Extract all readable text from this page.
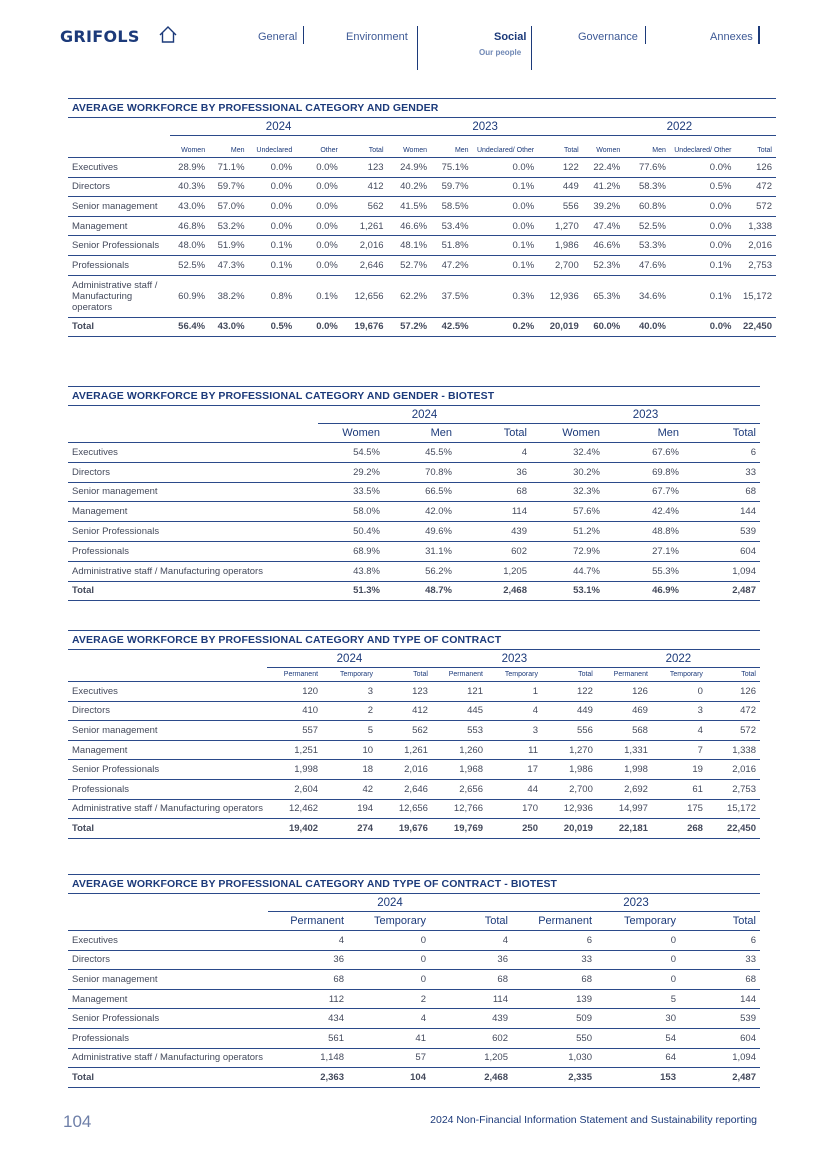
GRIFOLS	General	Environment	Social
Our people
Governance	Annexes
AVERAGE WORKFORCE BY PROFESSIONAL CATEGORY AND GENDER
	2024					2023				2022			
	Women	Men	Undeclared	Other	Total	Women	Men	Undeclared/ Other	Total	Women	Men	Undeclared/ Other	Total
Executives	28.9%	71.1%	0.0%	0.0%	123	24.9%	75.1%	0.0%	122	22.4%	77.6%	0.0%	126
Directors	40.3%	59.7%	0.0%	0.0%	412	40.2%	59.7%	0.1%	449	41.2%	58.3%	0.5%	472
Senior management	43.0%	57.0%	0.0%	0.0%	562	41.5%	58.5%	0.0%	556	39.2%	60.8%	0.0%	572
Management	46.8%	53.2%	0.0%	0.0%	1,261	46.6%	53.4%	0.0%	1,270	47.4%	52.5%	0.0%	1,338
Senior Professionals	48.0%	51.9%	0.1%	0.0%	2,016	48.1%	51.8%	0.1%	1,986	46.6%	53.3%	0.0%	2,016
Professionals	52.5%	47.3%	0.1%	0.0%	2,646	52.7%	47.2%	0.1%	2,700	52.3%	47.6%	0.1%	2,753
Administrative staff / Manufacturing operators	60.9%	38.2%	0.8%	0.1%	12,656	62.2%	37.5%	0.3%	12,936	65.3%	34.6%	0.1%	15,172
Total	56.4%	43.0%	0.5%	0.0%	19,676	57.2%	42.5%	0.2%	20,019	60.0%	40.0%	0.0%	22,450
AVERAGE WORKFORCE BY PROFESSIONAL CATEGORY AND GENDER - BIOTEST
	2024			2023		
	Women	Men	Total	Women	Men	Total
Executives	54.5%	45.5%	4	32.4%	67.6%	6
Directors	29.2%	70.8%	36	30.2%	69.8%	33
Senior management	33.5%	66.5%	68	32.3%	67.7%	68
Management	58.0%	42.0%	114	57.6%	42.4%	144
Senior Professionals	50.4%	49.6%	439	51.2%	48.8%	539
Professionals	68.9%	31.1%	602	72.9%	27.1%	604
Administrative staff / Manufacturing operators	43.8%	56.2%	1,205	44.7%	55.3%	1,094
Total	51.3%	48.7%	2,468	53.1%	46.9%	2,487
AVERAGE WORKFORCE BY PROFESSIONAL CATEGORY AND TYPE OF CONTRACT
	2024			2023			2022		
	Permanent	Temporary	Total	Permanent	Temporary	Total	Permanent	Temporary	Total
Executives	120	3	123	121	1	122	126	0	126
Directors	410	2	412	445	4	449	469	3	472
Senior management	557	5	562	553	3	556	568	4	572
Management	1,251	10	1,261	1,260	11	1,270	1,331	7	1,338
Senior Professionals	1,998	18	2,016	1,968	17	1,986	1,998	19	2,016
Professionals	2,604	42	2,646	2,656	44	2,700	2,692	61	2,753
Administrative staff / Manufacturing operators	12,462	194	12,656	12,766	170	12,936	14,997	175	15,172
Total	19,402	274	19,676	19,769	250	20,019	22,181	268	22,450
AVERAGE WORKFORCE BY PROFESSIONAL CATEGORY AND TYPE OF CONTRACT - BIOTEST
	2024			2023		
	Permanent	Temporary	Total	Permanent	Temporary	Total
Executives	4	0	4	6	0	6
Directors	36	0	36	33	0	33
Senior management	68	0	68	68	0	68
Management	112	2	114	139	5	144
Senior Professionals	434	4	439	509	30	539
Professionals	561	41	602	550	54	604
Administrative staff / Manufacturing operators	1,148	57	1,205	1,030	64	1,094
Total	2,363	104	2,468	2,335	153	2,487
104	2024 Non-Financial Information Statement and Sustainability reporting
